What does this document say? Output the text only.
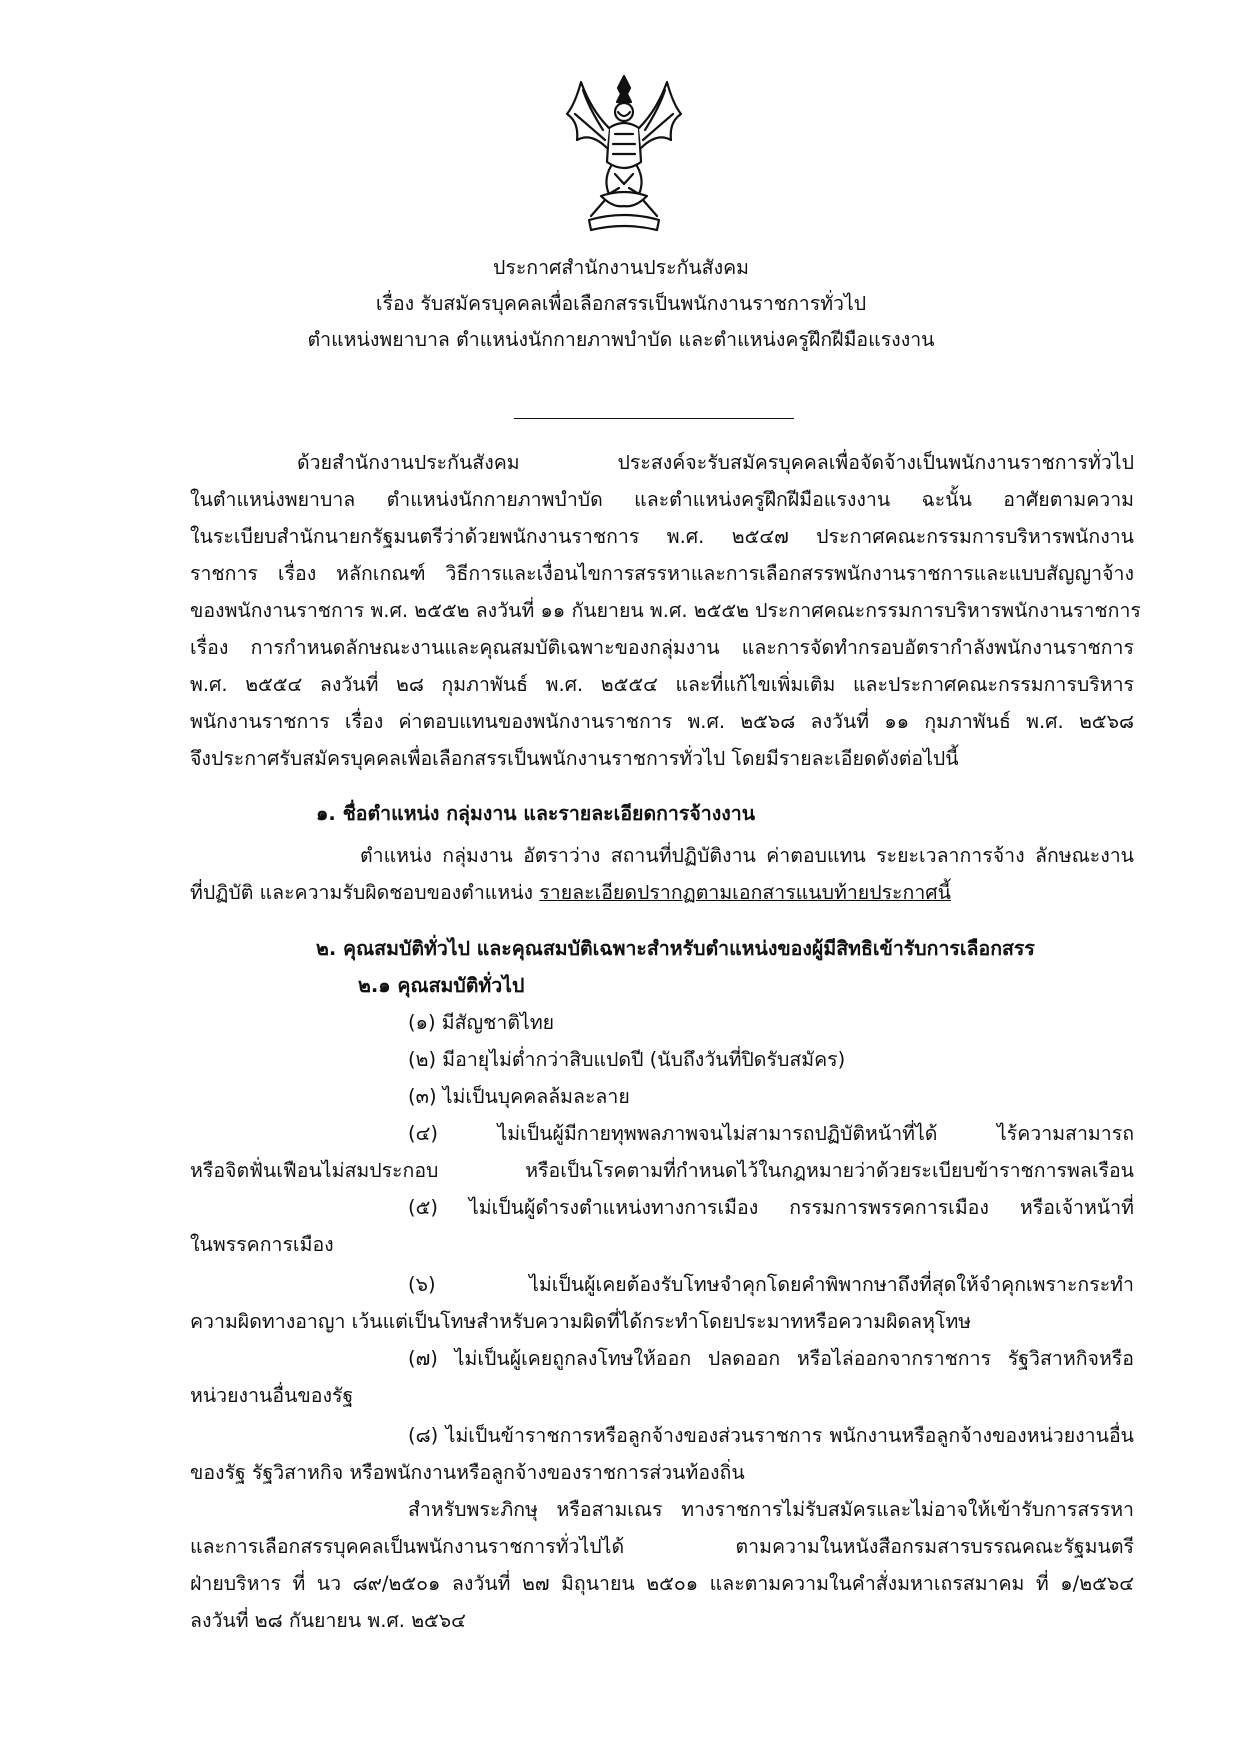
ประกาศสำนักงานประกันสังคม
เรื่อง รับสมัครบุคคลเพื่อเลือกสรรเป็นพนักงานราชการทั่วไป
ตำแหน่งพยาบาล ตำแหน่งนักกายภาพบำบัด และตำแหน่งครูฝึกฝีมือแรงงาน
ด้วยสำนักงานประกันสังคม ประสงค์จะรับสมัครบุคคลเพื่อจัดจ้างเป็นพนักงานราชการทั่วไป
ในตำแหน่งพยาบาล ตำแหน่งนักกายภาพบำบัด และตำแหน่งครูฝึกฝีมือแรงงาน ฉะนั้น อาศัยตามความ
ในระเบียบสำนักนายกรัฐมนตรีว่าด้วยพนักงานราชการ พ.ศ. ๒๕๔๗ ประกาศคณะกรรมการบริหารพนักงาน
ราชการ เรื่อง หลักเกณฑ์ วิธีการและเงื่อนไขการสรรหาและการเลือกสรรพนักงานราชการและแบบสัญญาจ้าง
ของพนักงานราชการ พ.ศ. ๒๕๕๒ ลงวันที่ ๑๑ กันยายน พ.ศ. ๒๕๕๒ ประกาศคณะกรรมการบริหารพนักงานราชการ
เรื่อง การกำหนดลักษณะงานและคุณสมบัติเฉพาะของกลุ่มงาน และการจัดทำกรอบอัตรากำลังพนักงานราชการ
พ.ศ. ๒๕๕๔ ลงวันที่ ๒๘ กุมภาพันธ์ พ.ศ. ๒๕๕๔ และที่แก้ไขเพิ่มเติม และประกาศคณะกรรมการบริหาร
พนักงานราชการ เรื่อง ค่าตอบแทนของพนักงานราชการ พ.ศ. ๒๕๖๘ ลงวันที่ ๑๑ กุมภาพันธ์ พ.ศ. ๒๕๖๘
จึงประกาศรับสมัครบุคคลเพื่อเลือกสรรเป็นพนักงานราชการทั่วไป โดยมีรายละเอียดดังต่อไปนี้
๑. ชื่อตำแหน่ง กลุ่มงาน และรายละเอียดการจ้างงาน
ตำแหน่ง กลุ่มงาน อัตราว่าง สถานที่ปฏิบัติงาน ค่าตอบแทน ระยะเวลาการจ้าง ลักษณะงาน
ที่ปฏิบัติ และความรับผิดชอบของตำแหน่ง รายละเอียดปรากฏตามเอกสารแนบท้ายประกาศนี้
๒. คุณสมบัติทั่วไป และคุณสมบัติเฉพาะสำหรับตำแหน่งของผู้มีสิทธิเข้ารับการเลือกสรร
๒.๑ คุณสมบัติทั่วไป
(๑) มีสัญชาติไทย
(๒) มีอายุไม่ต่ำกว่าสิบแปดปี (นับถึงวันที่ปิดรับสมัคร)
(๓) ไม่เป็นบุคคลล้มละลาย
(๔) ไม่เป็นผู้มีกายทุพพลภาพจนไม่สามารถปฏิบัติหน้าที่ได้ ไร้ความสามารถ
หรือจิตฟั่นเฟือนไม่สมประกอบ หรือเป็นโรคตามที่กำหนดไว้ในกฎหมายว่าด้วยระเบียบข้าราชการพลเรือน
(๕) ไม่เป็นผู้ดำรงตำแหน่งทางการเมือง กรรมการพรรคการเมือง หรือเจ้าหน้าที่
ในพรรคการเมือง
(๖) ไม่เป็นผู้เคยต้องรับโทษจำคุกโดยคำพิพากษาถึงที่สุดให้จำคุกเพราะกระทำ
ความผิดทางอาญา เว้นแต่เป็นโทษสำหรับความผิดที่ได้กระทำโดยประมาทหรือความผิดลหุโทษ
(๗) ไม่เป็นผู้เคยถูกลงโทษให้ออก ปลดออก หรือไล่ออกจากราชการ รัฐวิสาหกิจหรือ
หน่วยงานอื่นของรัฐ
(๘) ไม่เป็นข้าราชการหรือลูกจ้างของส่วนราชการ พนักงานหรือลูกจ้างของหน่วยงานอื่น
ของรัฐ รัฐวิสาหกิจ หรือพนักงานหรือลูกจ้างของราชการส่วนท้องถิ่น
สำหรับพระภิกษุ หรือสามเณร ทางราชการไม่รับสมัครและไม่อาจให้เข้ารับการสรรหา
และการเลือกสรรบุคคลเป็นพนักงานราชการทั่วไปได้ ตามความในหนังสือกรมสารบรรณคณะรัฐมนตรี
ฝ่ายบริหาร ที่ นว ๘๙/๒๕๐๑ ลงวันที่ ๒๗ มิถุนายน ๒๕๐๑ และตามความในคำสั่งมหาเถรสมาคม ที่ ๑/๒๕๖๔
ลงวันที่ ๒๘ กันยายน พ.ศ. ๒๕๖๔
